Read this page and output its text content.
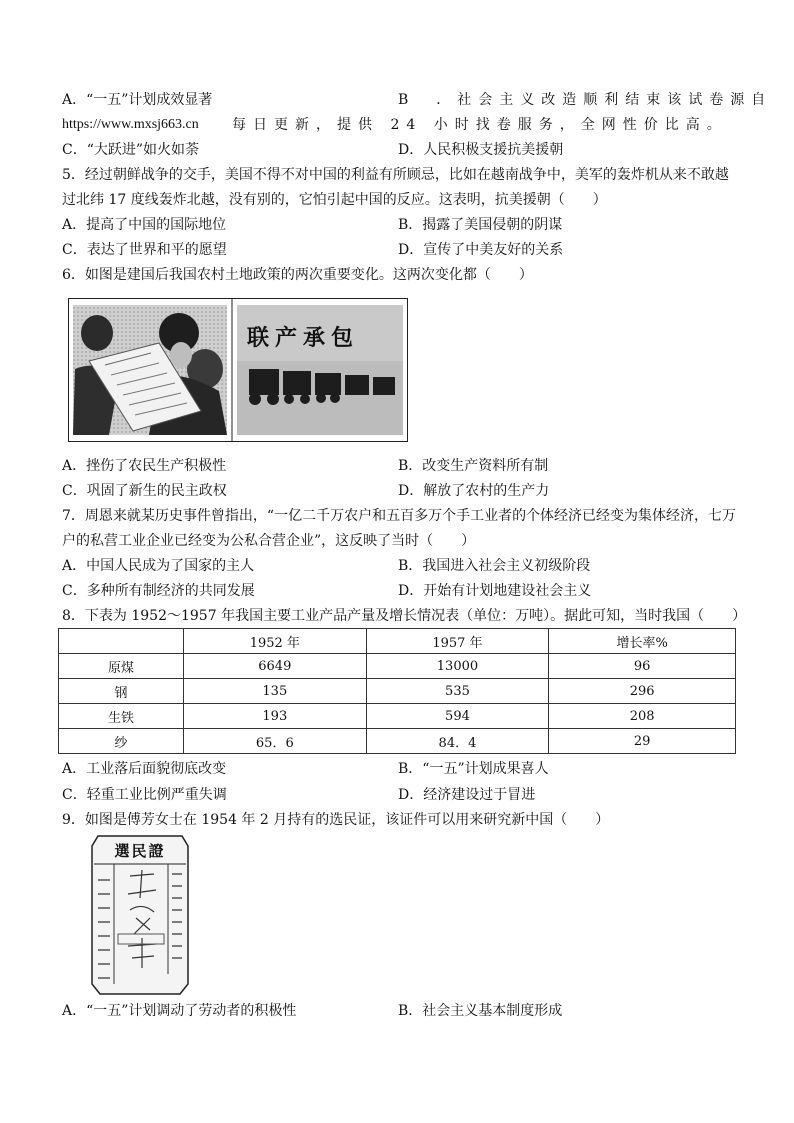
A．“一五”计划成效显著	B　．社会主义改造顺利结束该试卷源自
https://www.mxsj663.cn 每日更新，提供 24 小时找卷服务，全网性价比高。
C．“大跃进”如火如荼	D．人民积极支援抗美援朝
5．经过朝鲜战争的交手，美国不得不对中国的利益有所顾忌，比如在越南战争中，美军的轰炸机从来不敢越
过北纬 17 度线轰炸北越，没有别的，它怕引起中国的反应。这表明，抗美援朝（　　）
A．提高了中国的国际地位	B．揭露了美国侵朝的阴谋
C．表达了世界和平的愿望	D．宣传了中美友好的关系
6．如图是建国后我国农村土地政策的两次重要变化。这两次变化都（　　）
联产承包
A．挫伤了农民生产积极性	B．改变生产资料所有制
C．巩固了新生的民主政权	D．解放了农村的生产力
7．周恩来就某历史事件曾指出，“一亿二千万农户和五百多万个手工业者的个体经济已经变为集体经济，七万
户的私营工业企业已经变为公私合营企业”，这反映了当时（　　）
A．中国人民成为了国家的主人	B．我国进入社会主义初级阶段
C．多种所有制经济的共同发展	D．开始有计划地建设社会主义
8．下表为 1952～1957 年我国主要工业产品产量及增长情况表（单位：万吨）。据此可知，当时我国（　　）
	1952 年	1957 年	增长率%
原煤	6649	13000	96
钢	135	535	296
生铁	193	594	208
纱	65．6	84．4	29
A．工业落后面貌彻底改变	B．“一五”计划成果喜人
C．轻重工业比例严重失调	D．经济建设过于冒进
9．如图是傅芳女士在 1954 年 2 月持有的选民证，该证件可以用来研究新中国（　　）
選民證
A．“一五”计划调动了劳动者的积极性	B．社会主义基本制度形成
